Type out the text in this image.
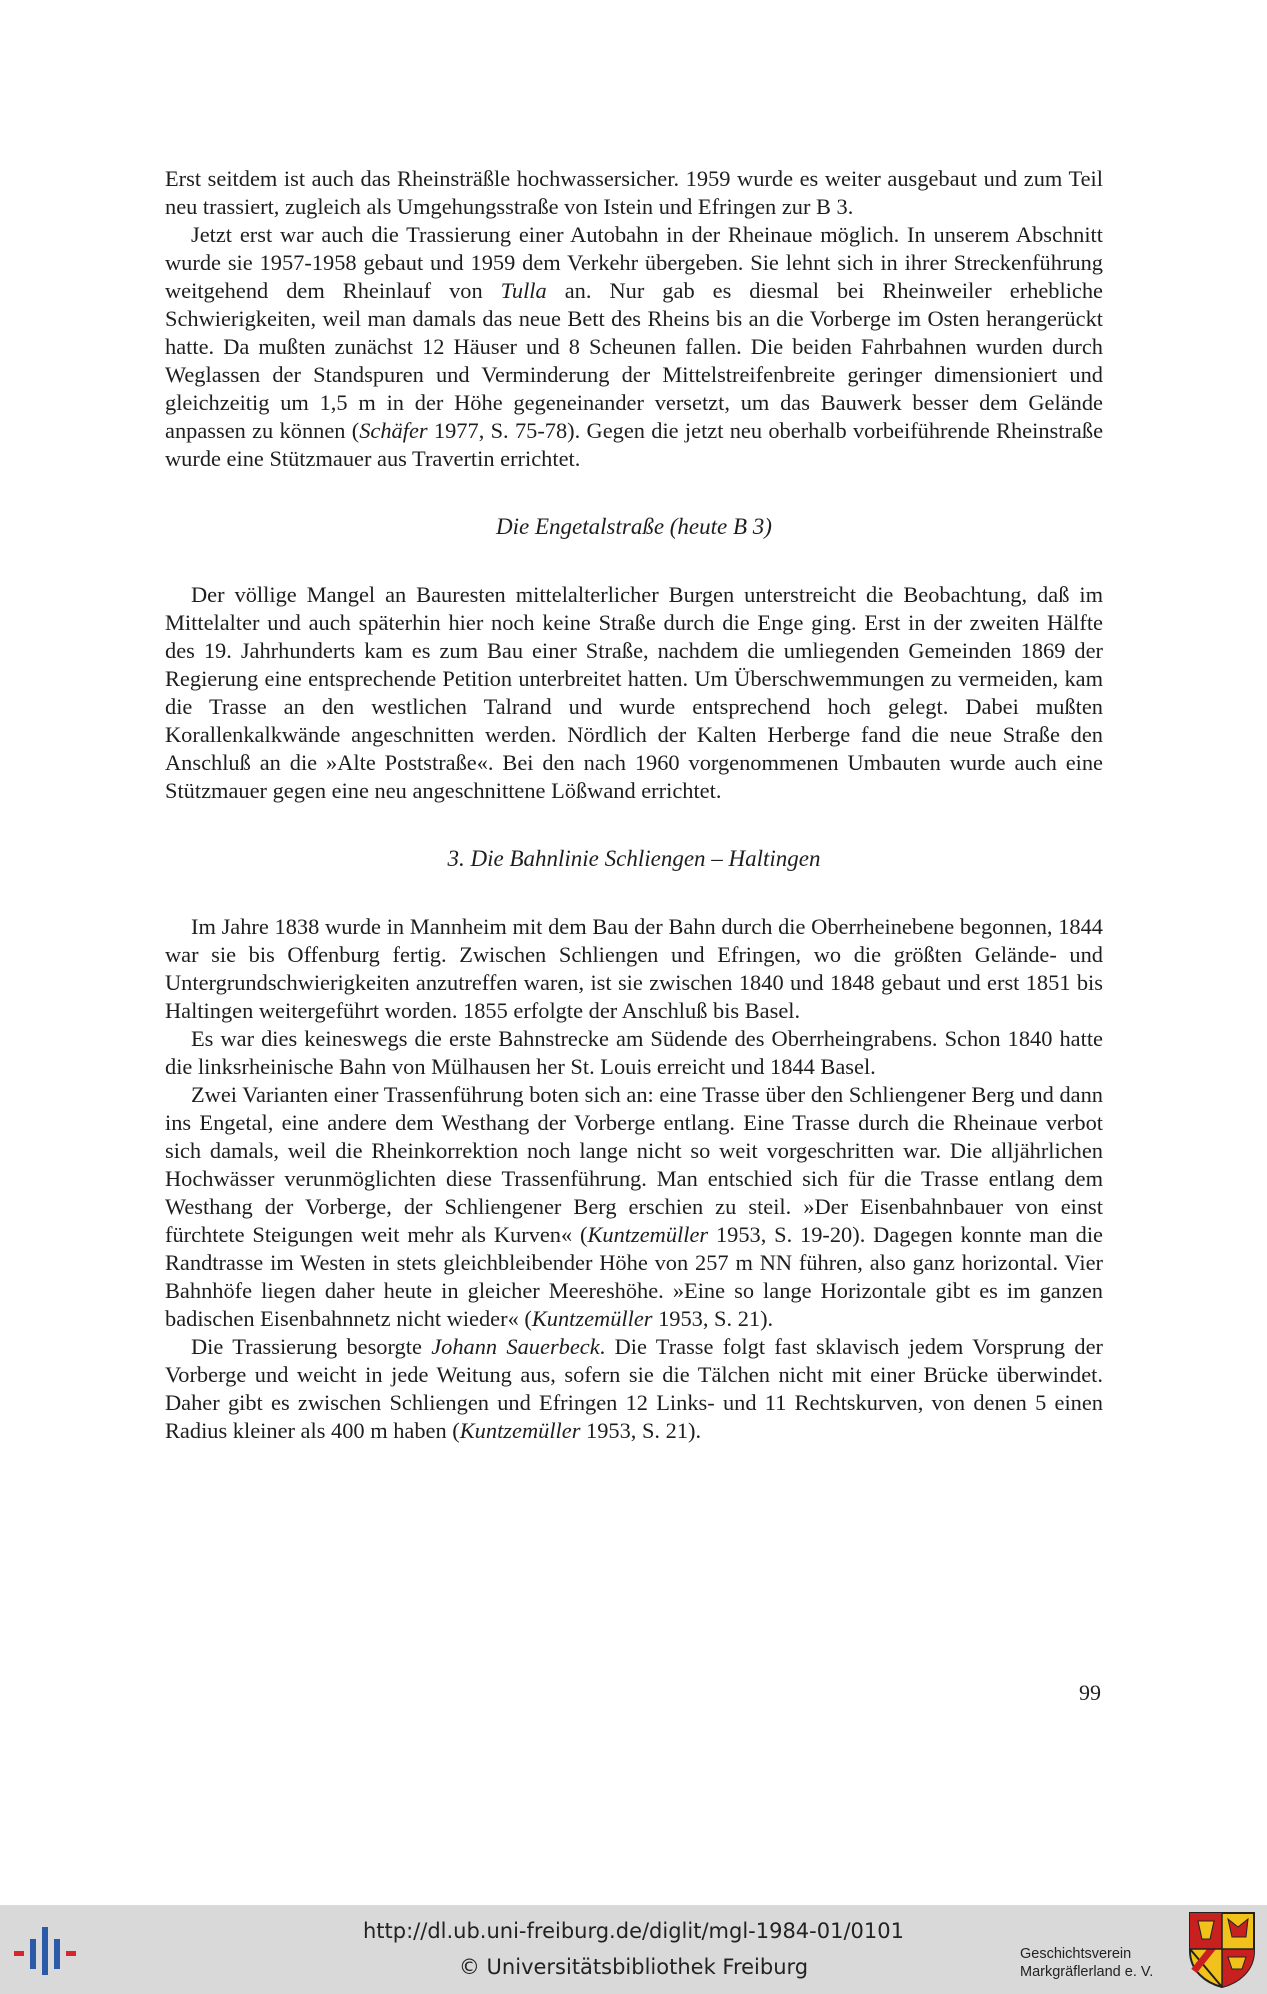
Erst seitdem ist auch das Rheinsträßle hochwassersicher. 1959 wurde es weiter ausgebaut und zum Teil neu trassiert, zugleich als Umgehungsstraße von Istein und Efringen zur B 3.

Jetzt erst war auch die Trassierung einer Autobahn in der Rheinaue möglich. In unserem Abschnitt wurde sie 1957-1958 gebaut und 1959 dem Verkehr übergeben. Sie lehnt sich in ihrer Streckenführung weitgehend dem Rheinlauf von Tulla an. Nur gab es diesmal bei Rheinweiler erhebliche Schwierigkeiten, weil man damals das neue Bett des Rheins bis an die Vorberge im Osten herangerückt hatte. Da mußten zunächst 12 Häuser und 8 Scheunen fallen. Die beiden Fahrbahnen wurden durch Weglassen der Standspuren und Verminderung der Mittelstreifenbreite geringer dimensioniert und gleichzeitig um 1,5 m in der Höhe gegeneinander versetzt, um das Bauwerk besser dem Gelände anpassen zu können (Schäfer 1977, S. 75-78). Gegen die jetzt neu oberhalb vorbeiführende Rheinstraße wurde eine Stützmauer aus Travertin errichtet.

Die Engetalstraße (heute B 3)

Der völlige Mangel an Bauresten mittelalterlicher Burgen unterstreicht die Beobachtung, daß im Mittelalter und auch späterhin hier noch keine Straße durch die Enge ging. Erst in der zweiten Hälfte des 19. Jahrhunderts kam es zum Bau einer Straße, nachdem die umliegenden Gemeinden 1869 der Regierung eine entsprechende Petition unterbreitet hatten. Um Überschwemmungen zu vermeiden, kam die Trasse an den westlichen Talrand und wurde entsprechend hoch gelegt. Dabei mußten Korallenkalkwände angeschnitten werden. Nördlich der Kalten Herberge fand die neue Straße den Anschluß an die »Alte Poststraße«. Bei den nach 1960 vorgenommenen Umbauten wurde auch eine Stützmauer gegen eine neu angeschnittene Lößwand errichtet.

3. Die Bahnlinie Schliengen – Haltingen

Im Jahre 1838 wurde in Mannheim mit dem Bau der Bahn durch die Oberrheinebene begonnen, 1844 war sie bis Offenburg fertig. Zwischen Schliengen und Efringen, wo die größten Gelände- und Untergrundschwierigkeiten anzutreffen waren, ist sie zwischen 1840 und 1848 gebaut und erst 1851 bis Haltingen weitergeführt worden. 1855 erfolgte der Anschluß bis Basel.

Es war dies keineswegs die erste Bahnstrecke am Südende des Oberrheingrabens. Schon 1840 hatte die linksrheinische Bahn von Mülhausen her St. Louis erreicht und 1844 Basel.

Zwei Varianten einer Trassenführung boten sich an: eine Trasse über den Schliengener Berg und dann ins Engetal, eine andere dem Westhang der Vorberge entlang. Eine Trasse durch die Rheinaue verbot sich damals, weil die Rheinkorrektion noch lange nicht so weit vorgeschritten war. Die alljährlichen Hochwässer verunmöglichten diese Trassenführung. Man entschied sich für die Trasse entlang dem Westhang der Vorberge, der Schliengener Berg erschien zu steil. »Der Eisenbahnbauer von einst fürchtete Steigungen weit mehr als Kurven« (Kuntzemüller 1953, S. 19-20). Dagegen konnte man die Randtrasse im Westen in stets gleichbleibender Höhe von 257 m NN führen, also ganz horizontal. Vier Bahnhöfe liegen daher heute in gleicher Meereshöhe. »Eine so lange Horizontale gibt es im ganzen badischen Eisenbahnnetz nicht wieder« (Kuntzemüller 1953, S. 21).

Die Trassierung besorgte Johann Sauerbeck. Die Trasse folgt fast sklavisch jedem Vorsprung der Vorberge und weicht in jede Weitung aus, sofern sie die Tälchen nicht mit einer Brücke überwindet. Daher gibt es zwischen Schliengen und Efringen 12 Links- und 11 Rechtskurven, von denen 5 einen Radius kleiner als 400 m haben (Kuntzemüller 1953, S. 21).

99
http://dl.ub.uni-freiburg.de/diglit/mgl-1984-01/0101
© Universitätsbibliothek Freiburg
Geschichtsverein
Markgräflerland e. V.
